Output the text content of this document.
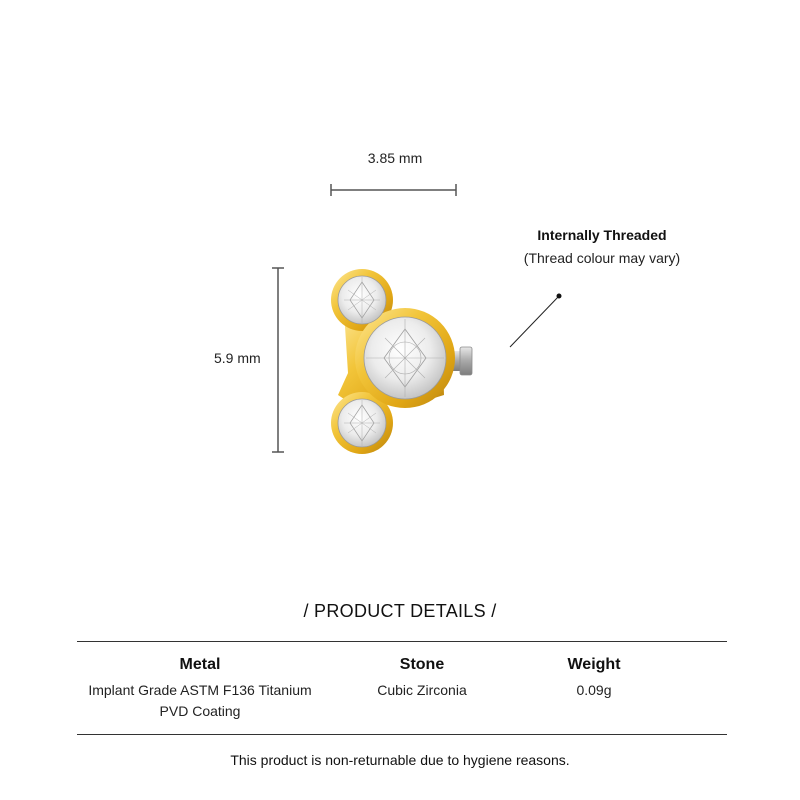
3.85 mm
5.9 mm
Internally Threaded
(Thread colour may vary)
/ PRODUCT DETAILS /
Metal
Implant Grade ASTM F136 Titanium
PVD Coating
Stone
Cubic Zirconia
Weight
0.09g
This product is non-returnable due to hygiene reasons.
